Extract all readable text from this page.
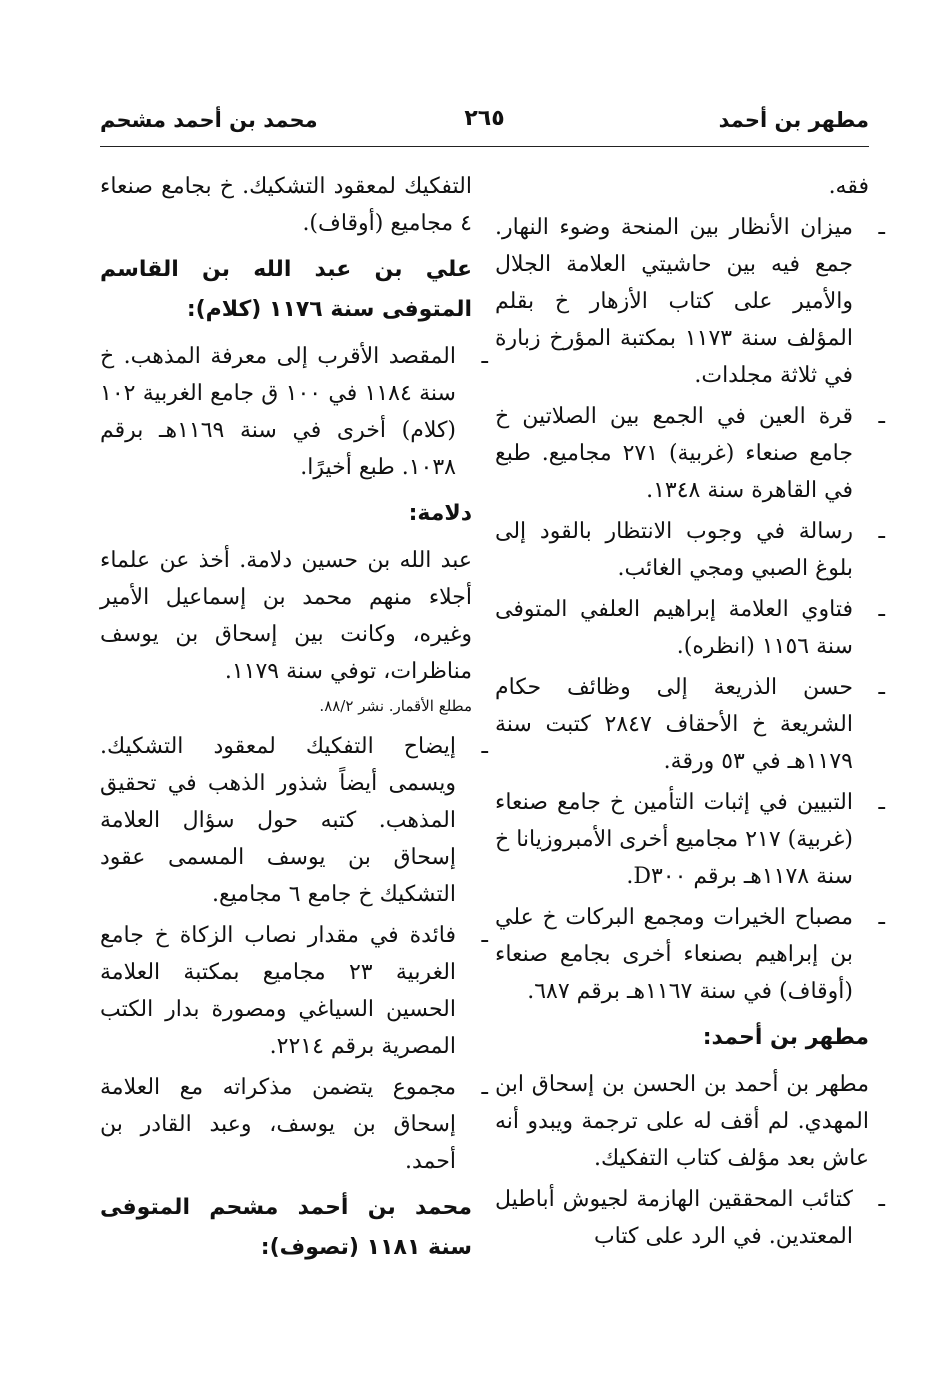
مطهر بن أحمد
٢٦٥
محمد بن أحمد مشحم
فقه.
ـميزان الأنظار بين المنحة وضوء النهار. جمع فيه بين حاشيتي العلامة الجلال والأمير على كتاب الأزهار خ بقلم المؤلف سنة ١١٧٣ بمكتبة المؤرخ زبارة في ثلاثة مجلدات.
ـقرة العين في الجمع بين الصلاتين خ جامع صنعاء (غربية) ٢٧١ مجاميع. طبع في القاهرة سنة ١٣٤٨.
ـرسالة في وجوب الانتظار بالقود إلى بلوغ الصبي ومجي الغائب.
ـفتاوي العلامة إبراهيم العلفي المتوفى سنة ١١٥٦ (انظره).
ـحسن الذريعة إلى وظائف حكام الشريعة خ الأحقاف ٢٨٤٧ كتبت سنة ١١٧٩هـ في ٥٣ ورقة.
ـالتبيين في إثبات التأمين خ جامع صنعاء (غربية) ٢١٧ مجاميع أخرى الأمبروزيانا خ سنة ١١٧٨هـ برقم D٣٠٠.
ـمصباح الخيرات ومجمع البركات خ علي بن إبراهيم بصنعاء أخرى بجامع صنعاء (أوقاف) في سنة ١١٦٧هـ برقم ٦٨٧.
مطهر بن أحمد:
مطهر بن أحمد بن الحسن بن إسحاق ابن المهدي. لم أقف له على ترجمة ويبدو أنه عاش بعد مؤلف كتاب التفكيك.
ـكتائب المحققين الهازمة لجيوش أباطيل المعتدين. في الرد على كتاب
التفكيك لمعقود التشكيك. خ بجامع صنعاء ٤ مجاميع (أوقاف).
علي بن عبد الله بن القاسم المتوفى سنة ١١٧٦ (كلام):
ـالمقصد الأقرب إلى معرفة المذهب. خ سنة ١١٨٤ في ١٠٠ ق جامع الغربية ١٠٢ (كلام) أخرى في سنة ١١٦٩هـ برقم ١٠٣٨. طبع أخيرًا.
دلامة:
عبد الله بن حسين دلامة. أخذ عن علماء أجلاء منهم محمد بن إسماعيل الأمير وغيره، وكانت بين إسحاق بن يوسف مناظرات، توفي سنة ١١٧٩.
مطلع الأقمار. نشر ٨٨/٢.
ـإيضاح التفكيك لمعقود التشكيك. ويسمى أيضاً شذور الذهب في تحقيق المذهب. كتبه حول سؤال العلامة إسحاق بن يوسف المسمى عقود التشكيك خ جامع ٦ مجاميع.
ـفائدة في مقدار نصاب الزكاة خ جامع الغربية ٢٣ مجاميع بمكتبة العلامة الحسين السياغي ومصورة بدار الكتب المصرية برقم ٢٢١٤.
ـمجموع يتضمن مذكراته مع العلامة إسحاق بن يوسف، وعبد القادر بن أحمد.
محمد بن أحمد مشحم المتوفى سنة ١١٨١ (تصوف):
